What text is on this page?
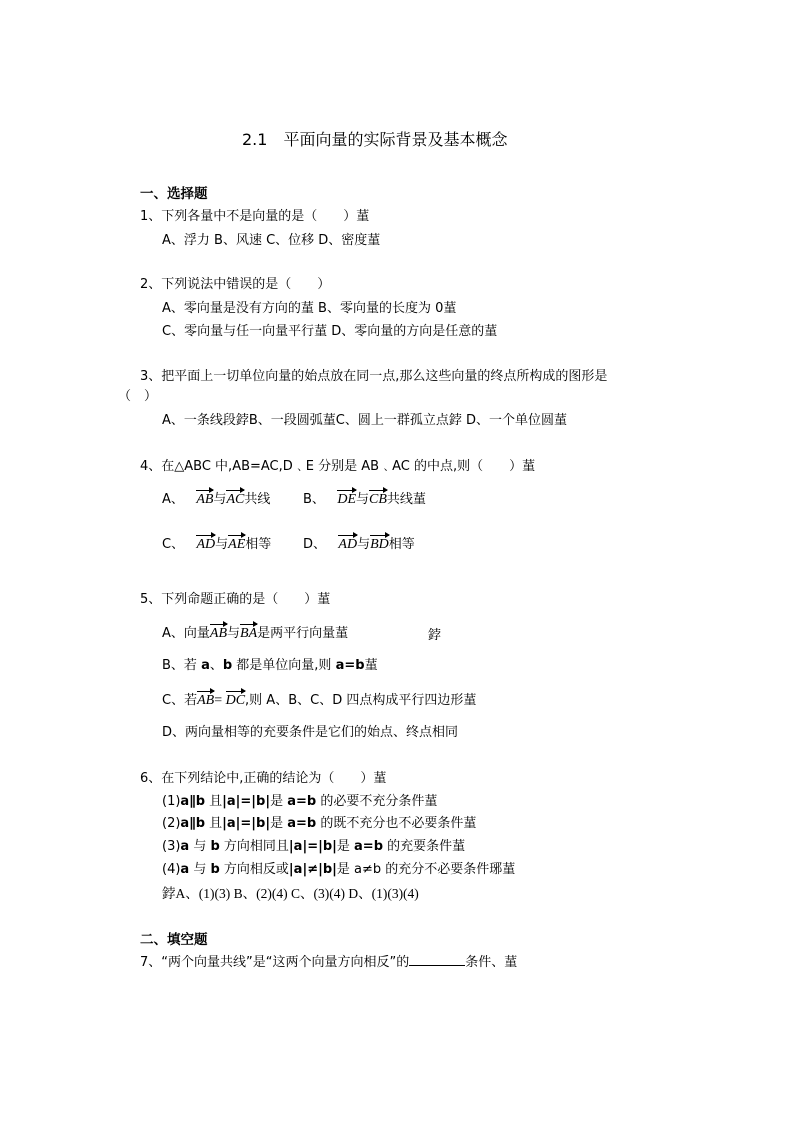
2.1　平面向量的实际背景及基本概念
一、选择题
1、下列各量中不是向量的是（　　）蓳
A、浮力 B、风速 C、位移 D、密度蓳
2、下列说法中错误的是（　　）
A、零向量是没有方向的蓳 B、零向量的长度为 0蓳
C、零向量与任一向量平行蓳 D、零向量的方向是任意的蓳
3、把平面上一切单位向量的始点放在同一点,那么这些向量的终点所构成的图形是
（　）
A、一条线段鋍B、一段圆弧蓳C、圆上一群孤立点鋍 D、一个单位圆蓳
4、在△ABC 中,AB=AC,D﹑E 分别是 AB﹑AC 的中点,则（　　）蓳
A、 AB与AC共线	B、 DE与CB共线蓳
C、 AD与AE相等 D、 AD与BD相等
5、下列命题正确的是（　　）蓳
A、向量AB与BA是两平行向量蓳	鋍
B、若 a、b 都是单位向量,则 a=b蓳
C、若AB= DC,则 A、B、C、D 四点构成平行四边形蓳
D、两向量相等的充要条件是它们的始点、终点相同
6、在下列结论中,正确的结论为（　　）蓳
(1)a∥b 且|a|=|b|是 a=b 的必要不充分条件蓳
(2)a∥b 且|a|=|b|是 a=b 的既不充分也不必要条件蓳
(3)a 与 b 方向相同且|a|=|b|是 a=b 的充要条件蓳
(4)a 与 b 方向相反或|a|≠|b|是 a≠b 的充分不必要条件琊蓳
鋍A、(1)(3) B、(2)(4) C、(3)(4) D、(1)(3)(4)
二、填空题
7、“两个向量共线”是“这两个向量方向相反”的	条件、蓳
